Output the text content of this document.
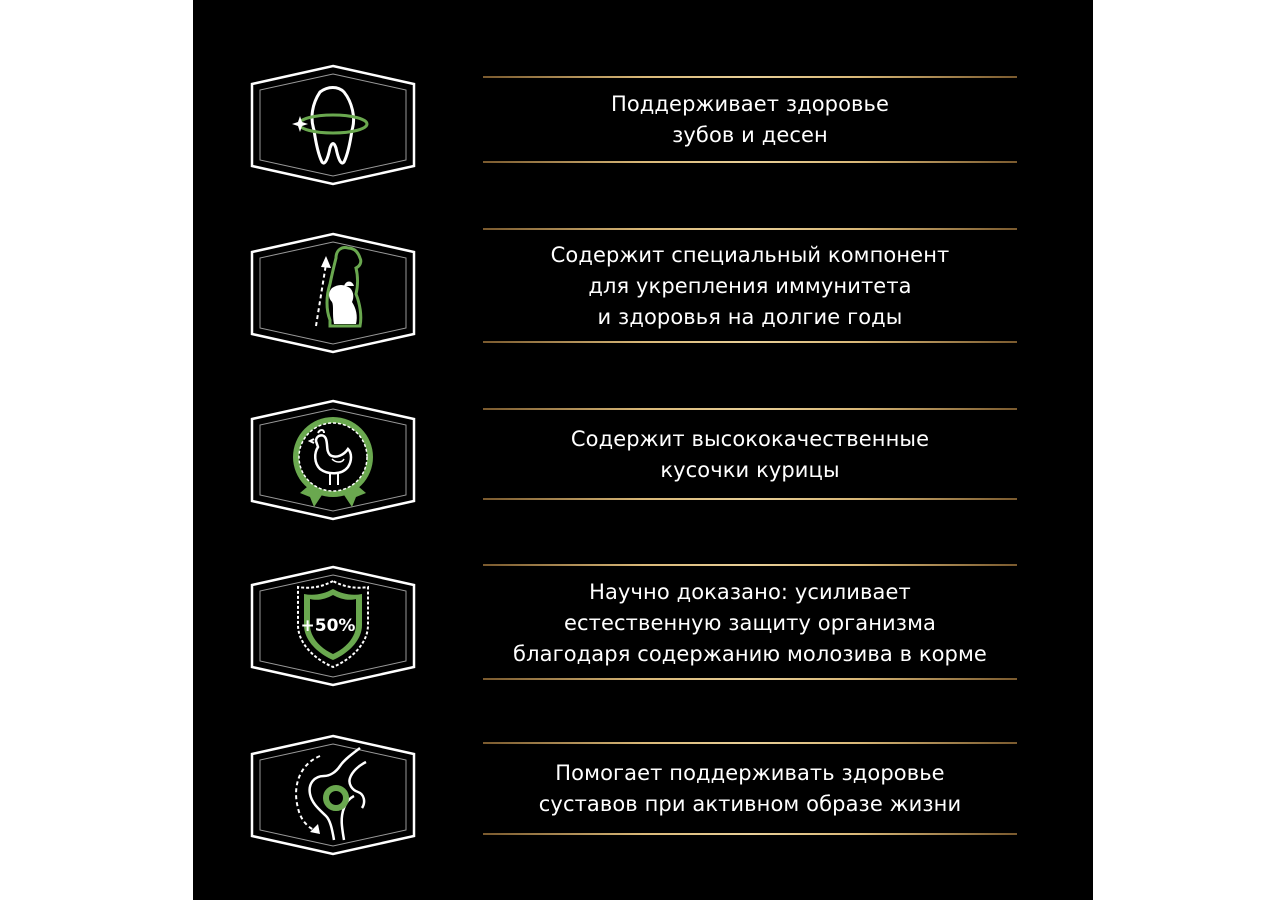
Поддерживает здоровье
зубов и десен
Содержит специальный компонент
для укрепления иммунитета
и здоровья на долгие годы
Содержит высококачественные
кусочки курицы
+50%
Научно доказано: усиливает
естественную защиту организма
благодаря содержанию молозива в корме
Помогает поддерживать здоровье
суставов при активном образе жизни
